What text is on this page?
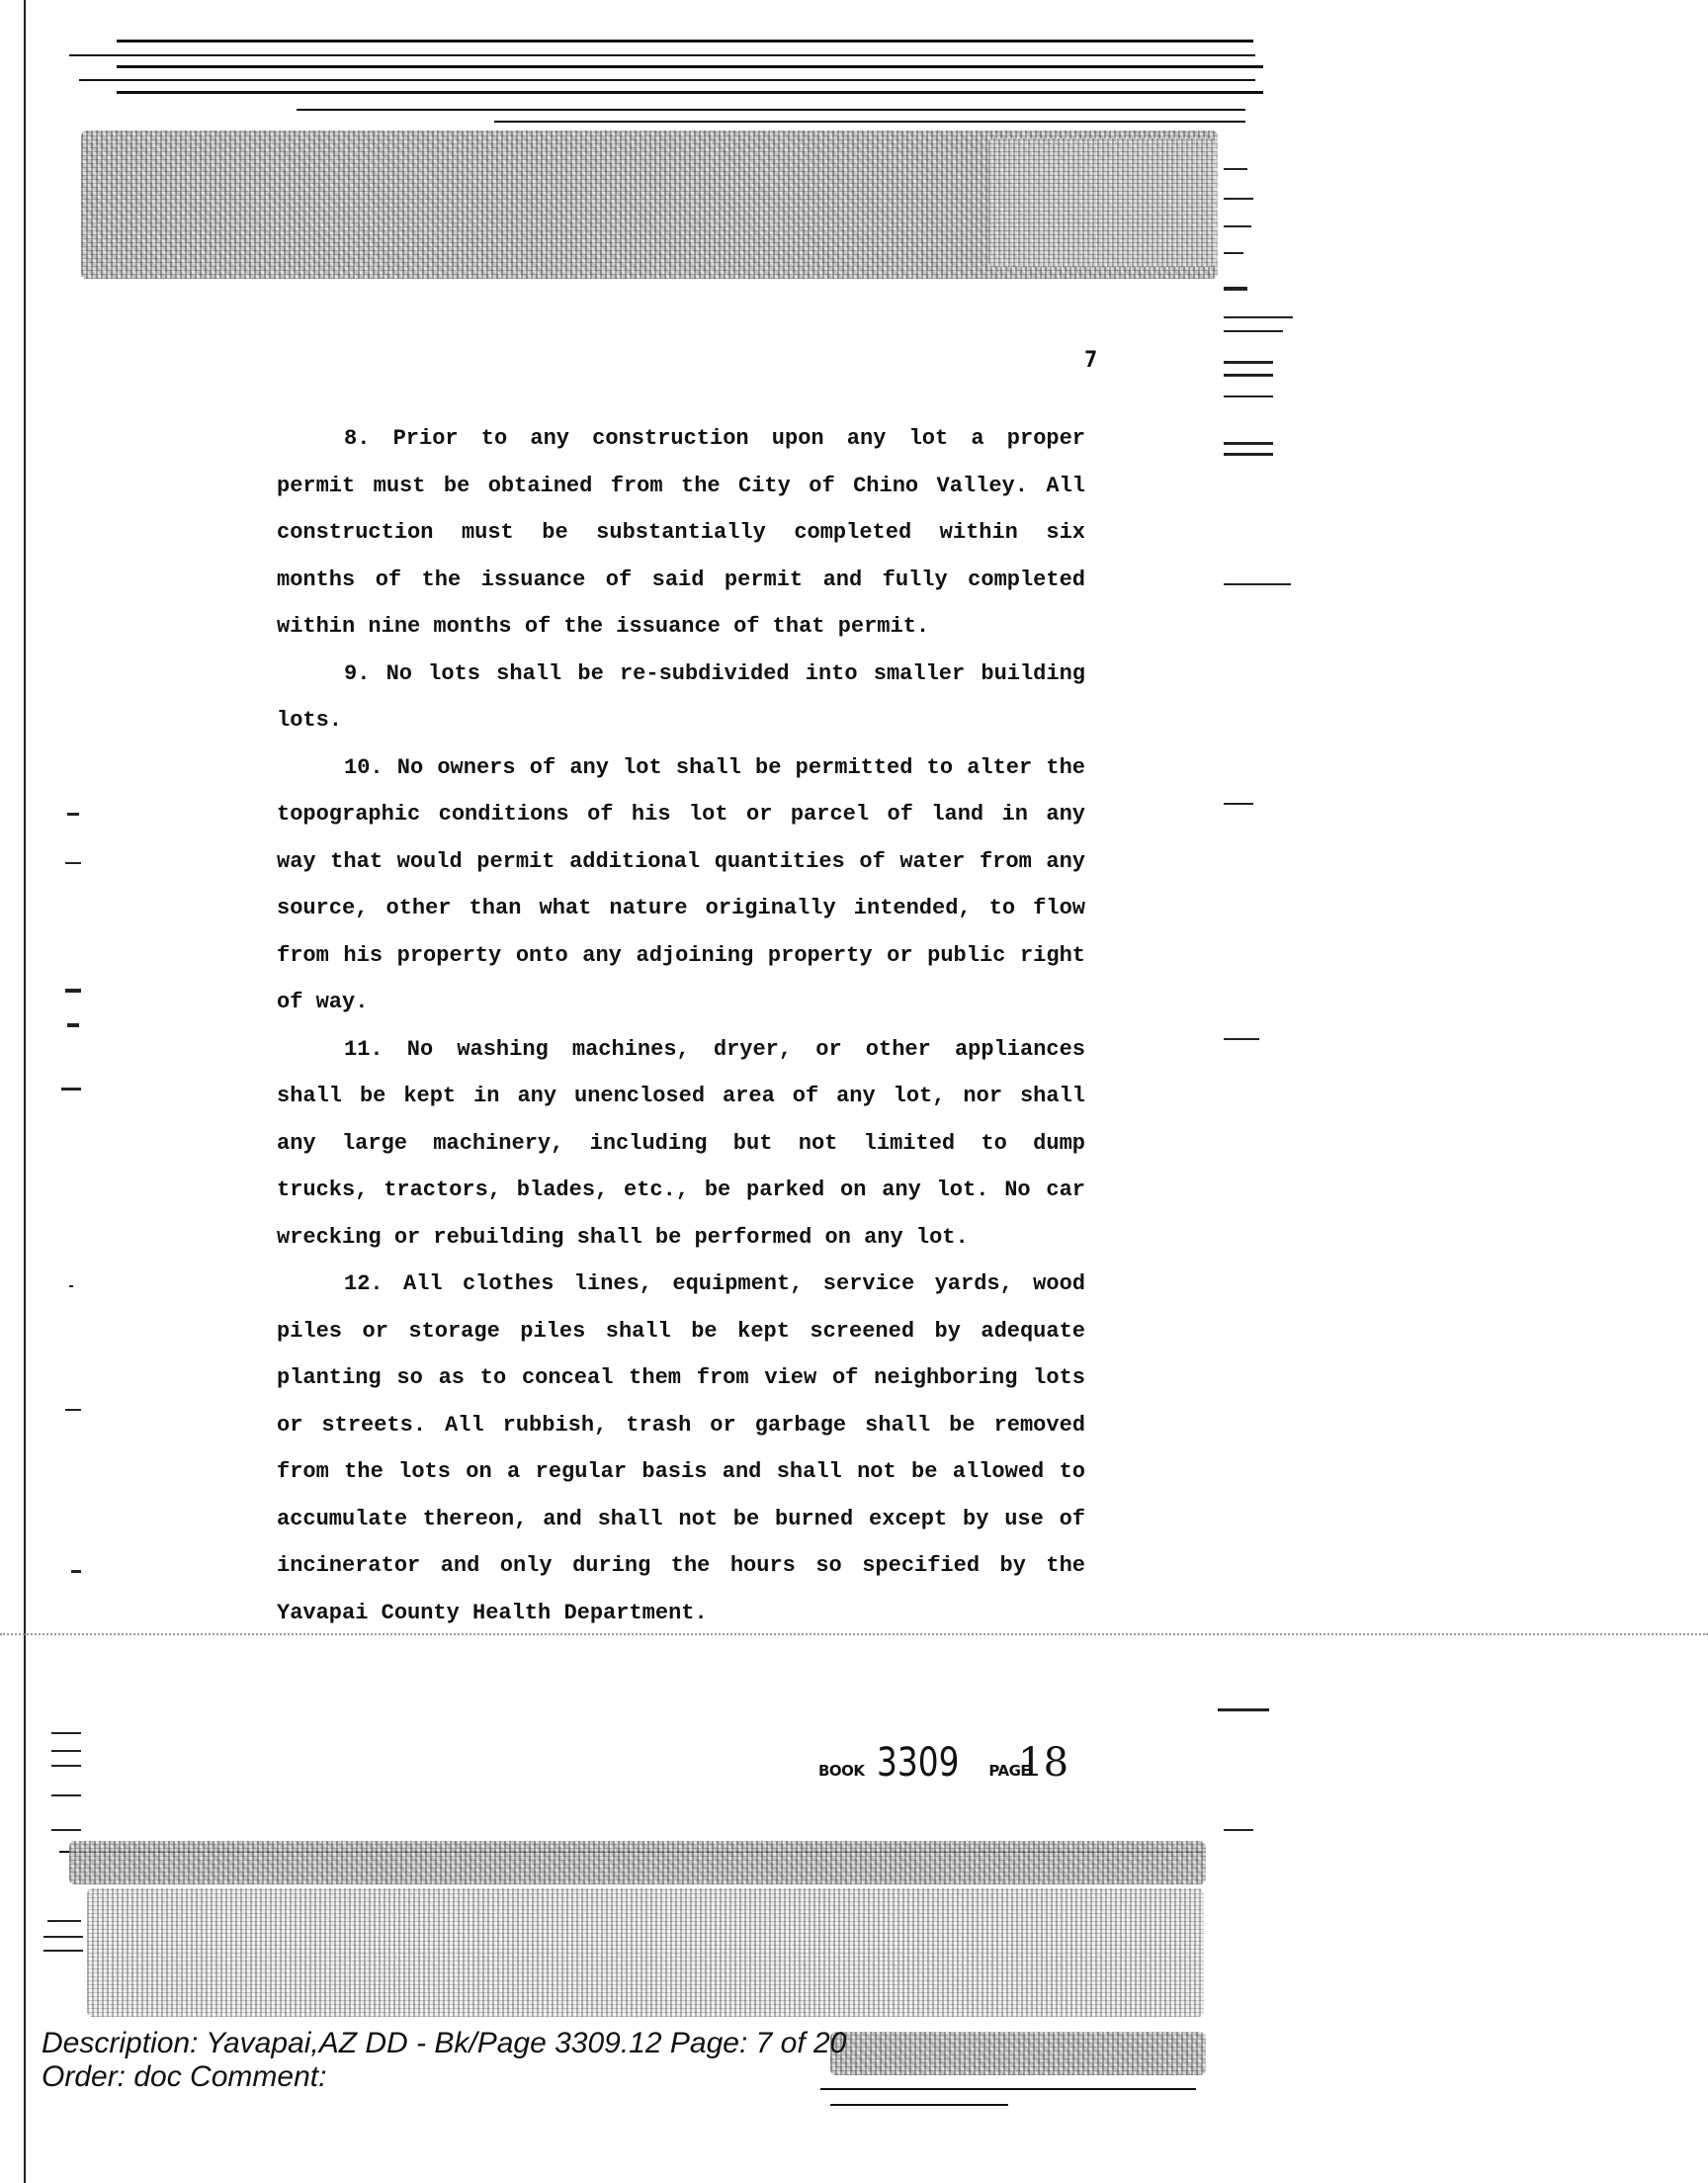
7

8. Prior to any construction upon any lot a proper permit must be obtained from the City of Chino Valley. All construction must be substantially completed within six months of the issuance of said permit and fully completed within nine months of the issuance of that permit.

9. No lots shall be re-subdivided into smaller building lots.

10. No owners of any lot shall be permitted to alter the topographic conditions of his lot or parcel of land in any way that would permit additional quantities of water from any source, other than what nature originally intended, to flow from his property onto any adjoining property or public right of way.

11. No washing machines, dryer, or other appliances shall be kept in any unenclosed area of any lot, nor shall any large machinery, including but not limited to dump trucks, tractors, blades, etc., be parked on any lot. No car wrecking or rebuilding shall be performed on any lot.

12. All clothes lines, equipment, service yards, wood piles or storage piles shall be kept screened by adequate planting so as to conceal them from view of neighboring lots or streets. All rubbish, trash or garbage shall be removed from the lots on a regular basis and shall not be allowed to accumulate thereon, and shall not be burned except by use of incinerator and only during the hours so specified by the Yavapai County Health Department.

BOOK 3309 PAGE
18
Description: Yavapai,AZ DD - Bk/Page 3309.12 Page: 7 of 20
Order: doc Comment:
